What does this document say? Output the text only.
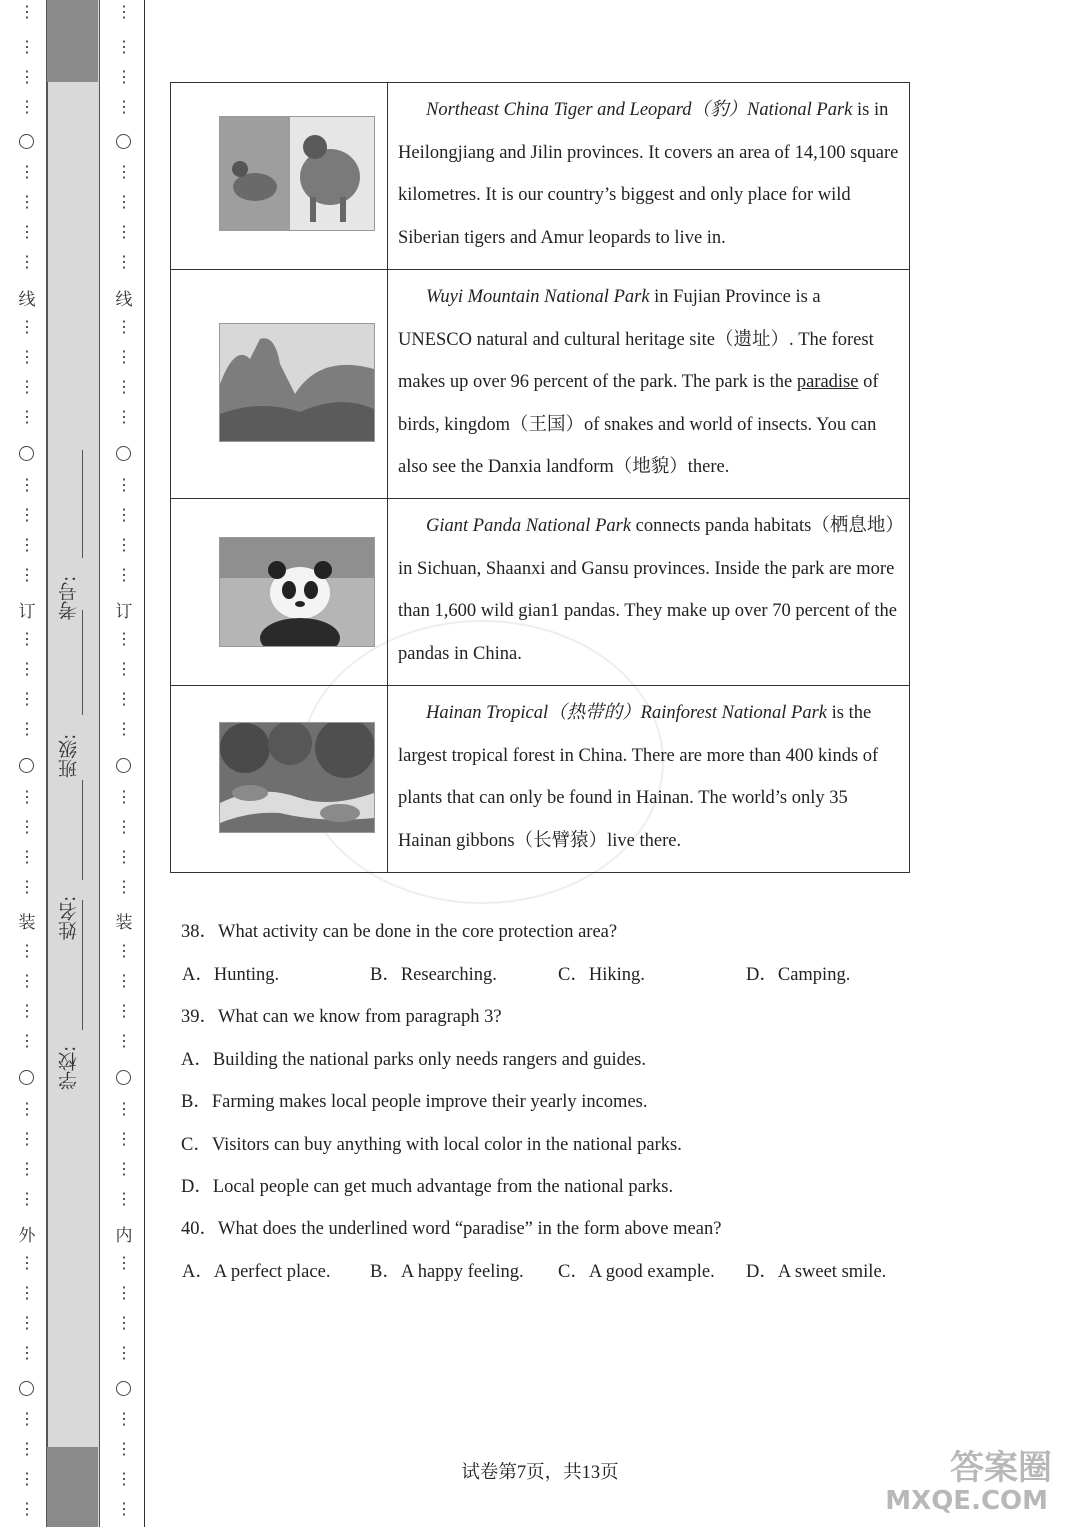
⋮
⋮
⋮
⋮
⋮
⋮
⋮
⋮
线
⋮
⋮
⋮
⋮
⋮
⋮
⋮
⋮
订
⋮
⋮
⋮
⋮
⋮
⋮
⋮
⋮
装
⋮
⋮
⋮
⋮
⋮
⋮
⋮
⋮
外
⋮
⋮
⋮
⋮
⋮
⋮
⋮
⋮
⋮
⋮
⋮
⋮
⋮
⋮
⋮
⋮
线
⋮
⋮
⋮
⋮
⋮
⋮
⋮
⋮
订
⋮
⋮
⋮
⋮
⋮
⋮
⋮
⋮
装
⋮
⋮
⋮
⋮
⋮
⋮
⋮
⋮
内
⋮
⋮
⋮
⋮
⋮
⋮
⋮
⋮
学校:
姓名:
班级:
考号:
	Northeast China Tiger and Leopard（豹）National Park is in Heilongjiang and Jilin provinces. It covers an area of 14,100 square kilometres. It is our country’s biggest and only place for wild Siberian tigers and Amur leopards to live in.

	Wuyi Mountain National Park in Fujian Province is a UNESCO natural and cultural heritage site（遗址）. The forest makes up over 96 percent of the park. The park is the paradise of birds, kingdom（王国）of snakes and world of insects. You can also see the Danxia landform（地貌）there.

	Giant Panda National Park connects panda habitats（栖息地）in Sichuan, Shaanxi and Gansu provinces. Inside the park are more than 1,600 wild gian1 pandas. They make up over 70 percent of the pandas in China.

	Hainan Tropical（热带的）Rainforest National Park is the largest tropical forest in China. There are more than 400 kinds of plants that can only be found in Hainan. The world’s only 35 Hainan gibbons（长臂猿）live there.
38．What activity can be done in the core protection area?
A．Hunting.	B．Researching.	C．Hiking.	D．Camping.
39．What can we know from paragraph 3?
A．Building the national parks only needs rangers and guides.
B．Farming makes local people improve their yearly incomes.
C．Visitors can buy anything with local color in the national parks.
D．Local people can get much advantage from the national parks.
40．What does the underlined word “paradise” in the form above mean?
A．A perfect place. B．A happy feeling. C．A good example. D．A sweet smile.
试卷第7页，共13页	答案圈
MXQE.COM
